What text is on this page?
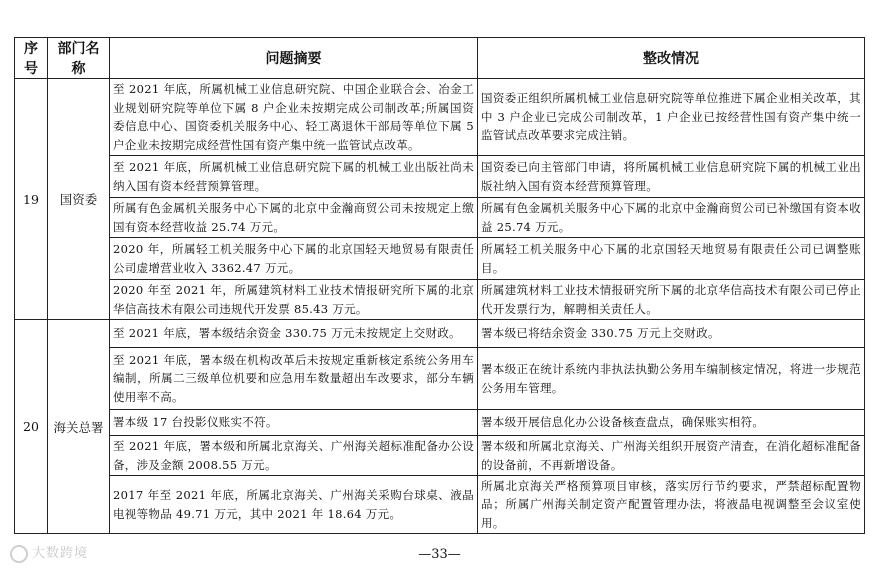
序号	部门名称	问题摘要	整改情况
19	国资委	至 2021 年底，所属机械工业信息研究院、中国企业联合会、冶金工业规划研究院等单位下属 8 户企业未按期完成公司制改革;所属国资委信息中心、国资委机关服务中心、轻工离退休干部局等单位下属 5 户企业未按期完成经营性国有资产集中统一监管试点改革。	国资委正组织所属机械工业信息研究院等单位推进下属企业相关改革，其中 3 户企业已完成公司制改革，1 户企业已按经营性国有资产集中统一监管试点改革要求完成注销。
		至 2021 年底，所属机械工业信息研究院下属的机械工业出版社尚未纳入国有资本经营预算管理。	国资委已向主管部门申请，将所属机械工业信息研究院下属的机械工业出版社纳入国有资本经营预算管理。
		所属有色金属机关服务中心下属的北京中金瀚商贸公司未按规定上缴国有资本经营收益 25.74 万元。	所属有色金属机关服务中心下属的北京中金瀚商贸公司已补缴国有资本收益 25.74 万元。
		2020 年，所属轻工机关服务中心下属的北京国轻天地贸易有限责任公司虚增营业收入 3362.47 万元。	所属轻工机关服务中心下属的北京国轻天地贸易有限责任公司已调整账目。
		2020 年至 2021 年，所属建筑材料工业技术情报研究所下属的北京华信高技术有限公司违规代开发票 85.43 万元。	所属建筑材料工业技术情报研究所下属的北京华信高技术有限公司已停止代开发票行为，解聘相关责任人。
20	海关总署	至 2021 年底，署本级结余资金 330.75 万元未按规定上交财政。	署本级已将结余资金 330.75 万元上交财政。
		至 2021 年底，署本级在机构改革后未按规定重新核定系统公务用车编制，所属二三级单位机要和应急用车数量超出车改要求，部分车辆使用率不高。	署本级正在统计系统内非执法执勤公务用车编制核定情况，将进一步规范公务用车管理。
		署本级 17 台投影仪账实不符。	署本级开展信息化办公设备核查盘点，确保账实相符。
		至 2021 年底，署本级和所属北京海关、广州海关超标准配备办公设备，涉及金额 2008.55 万元。	署本级和所属北京海关、广州海关组织开展资产清查，在消化超标准配备的设备前，不再新增设备。
		2017 年至 2021 年底，所属北京海关、广州海关采购台球桌、液晶电视等物品 49.71 万元，其中 2021 年 18.64 万元。	所属北京海关严格预算项目审核，落实厉行节约要求，严禁超标配置物品；所属广州海关制定资产配置管理办法，将液晶电视调整至会议室使用。
—33—
大数跨境
